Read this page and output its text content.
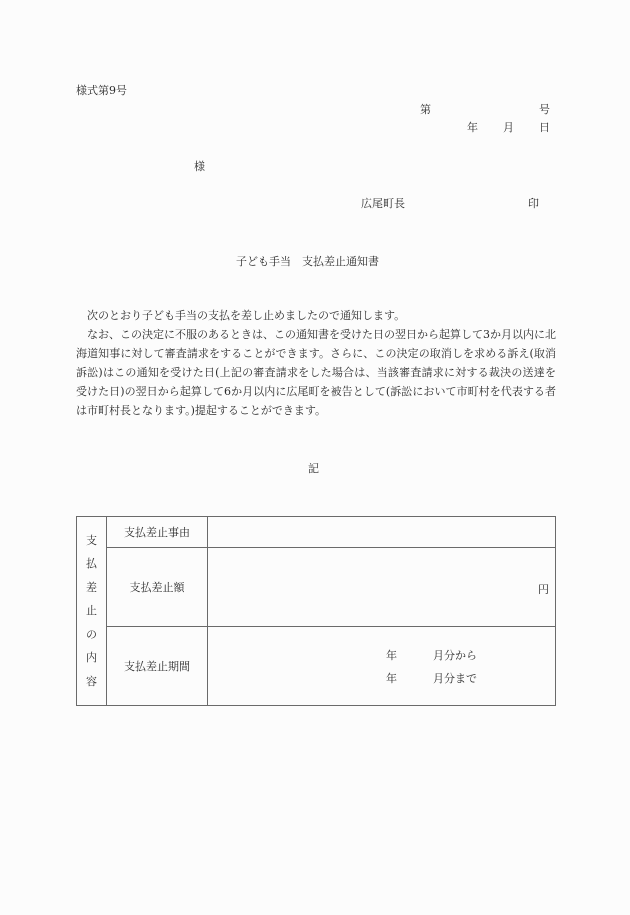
様式第9号
第	号
年 月 日
様
広尾町長	印
子ども手当　支払差止通知書

次のとおり子ども手当の支払を差し止めましたので通知します。

なお、この決定に不服のあるときは、この通知書を受けた日の翌日から起算して3か月以内に北海道知事に対して審査請求をすることができます。さらに、この決定の取消しを求める訴え(取消訴訟)はこの通知を受けた日(上記の審査請求をした場合は、当該審査請求に対する裁決の送達を受けた日)の翌日から起算して6か月以内に広尾町を被告として(訴訟において市町村を代表する者は市町村長となります。)提起することができます。

記
支
払
差
止
の
内
容
	支払差止事由	
	支払差止額	円

	支払差止期間	年 月分から
年 月分まで
